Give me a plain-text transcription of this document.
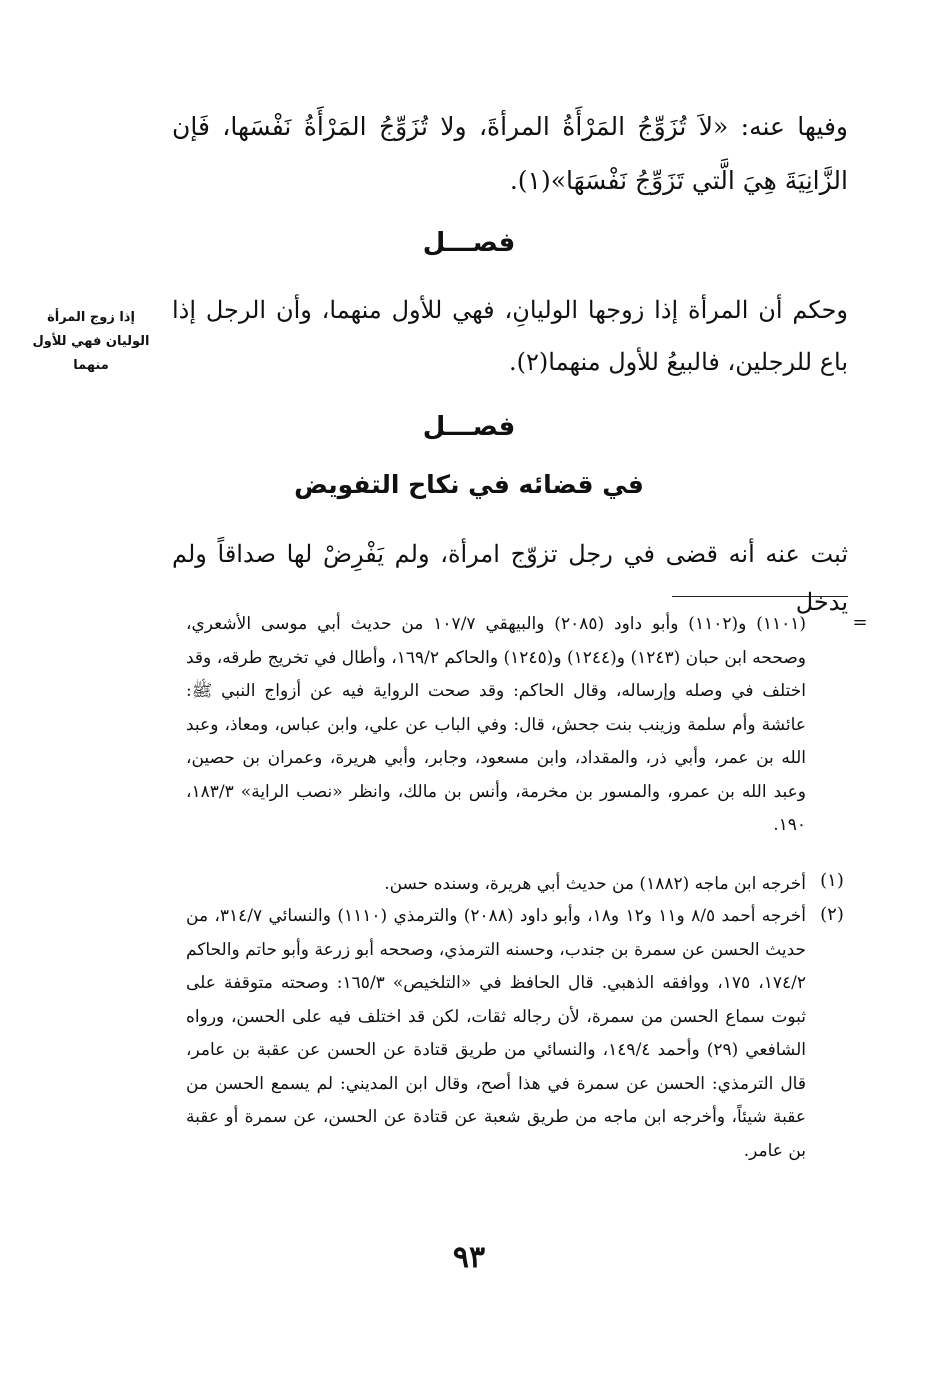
وفيها عنه: «لاَ تُزَوِّجُ المَرْأَةُ المرأةَ، ولا تُزَوِّجُ المَرْأَةُ نَفْسَها، فَإن الزَّانِيَةَ هِيَ الَّتي تَزَوِّجُ نَفْسَهَا»(١).
فصـــل
وحكم أن المرأة إذا زوجها الوليانِ، فهي للأول منهما، وأن الرجل إذا باع للرجلين، فالبيعُ للأول منهما(٢).
إذا زوج المرأة الوليان فهي للأول منهما
فصـــل
في قضائه في نكاح التفويض
ثبت عنه أنه قضى في رجل تزوّج امرأة، ولم يَفْرِضْ لها صداقاً ولم يدخل
=
(١١٠١) و(١١٠٢) وأبو داود (٢٠٨٥) والبيهقي ١٠٧/٧ من حديث أبي موسى الأشعري، وصححه ابن حبان (١٢٤٣) و(١٢٤٤) و(١٢٤٥) والحاكم ١٦٩/٢، وأطال في تخريج طرقه، وقد اختلف في وصله وإرساله، وقال الحاكم: وقد صحت الرواية فيه عن أزواج النبي ﷺ: عائشة وأم سلمة وزينب بنت جحش، قال: وفي الباب عن علي، وابن عباس، ومعاذ، وعبد الله بن عمر، وأبي ذر، والمقداد، وابن مسعود، وجابر، وأبي هريرة، وعمران بن حصين، وعبد الله بن عمرو، والمسور بن مخرمة، وأنس بن مالك، وانظر «نصب الراية» ١٨٣/٣، ١٩٠.
(١)
أخرجه ابن ماجه (١٨٨٢) من حديث أبي هريرة، وسنده حسن.
(٢)
أخرجه أحمد ٨/٥ و١١ و١٢ و١٨، وأبو داود (٢٠٨٨) والترمذي (١١١٠) والنسائي ٣١٤/٧، من حديث الحسن عن سمرة بن جندب، وحسنه الترمذي، وصححه أبو زرعة وأبو حاتم والحاكم ١٧٤/٢، ١٧٥، ووافقه الذهبي. قال الحافظ في «التلخيص» ١٦٥/٣: وصحته متوقفة على ثبوت سماع الحسن من سمرة، لأن رجاله ثقات، لكن قد اختلف فيه على الحسن، ورواه الشافعي (٢٩) وأحمد ١٤٩/٤، والنسائي من طريق قتادة عن الحسن عن عقبة بن عامر، قال الترمذي: الحسن عن سمرة في هذا أصح، وقال ابن المديني: لم يسمع الحسن من عقبة شيئاً، وأخرجه ابن ماجه من طريق شعبة عن قتادة عن الحسن، عن سمرة أو عقبة بن عامر.
٩٣
